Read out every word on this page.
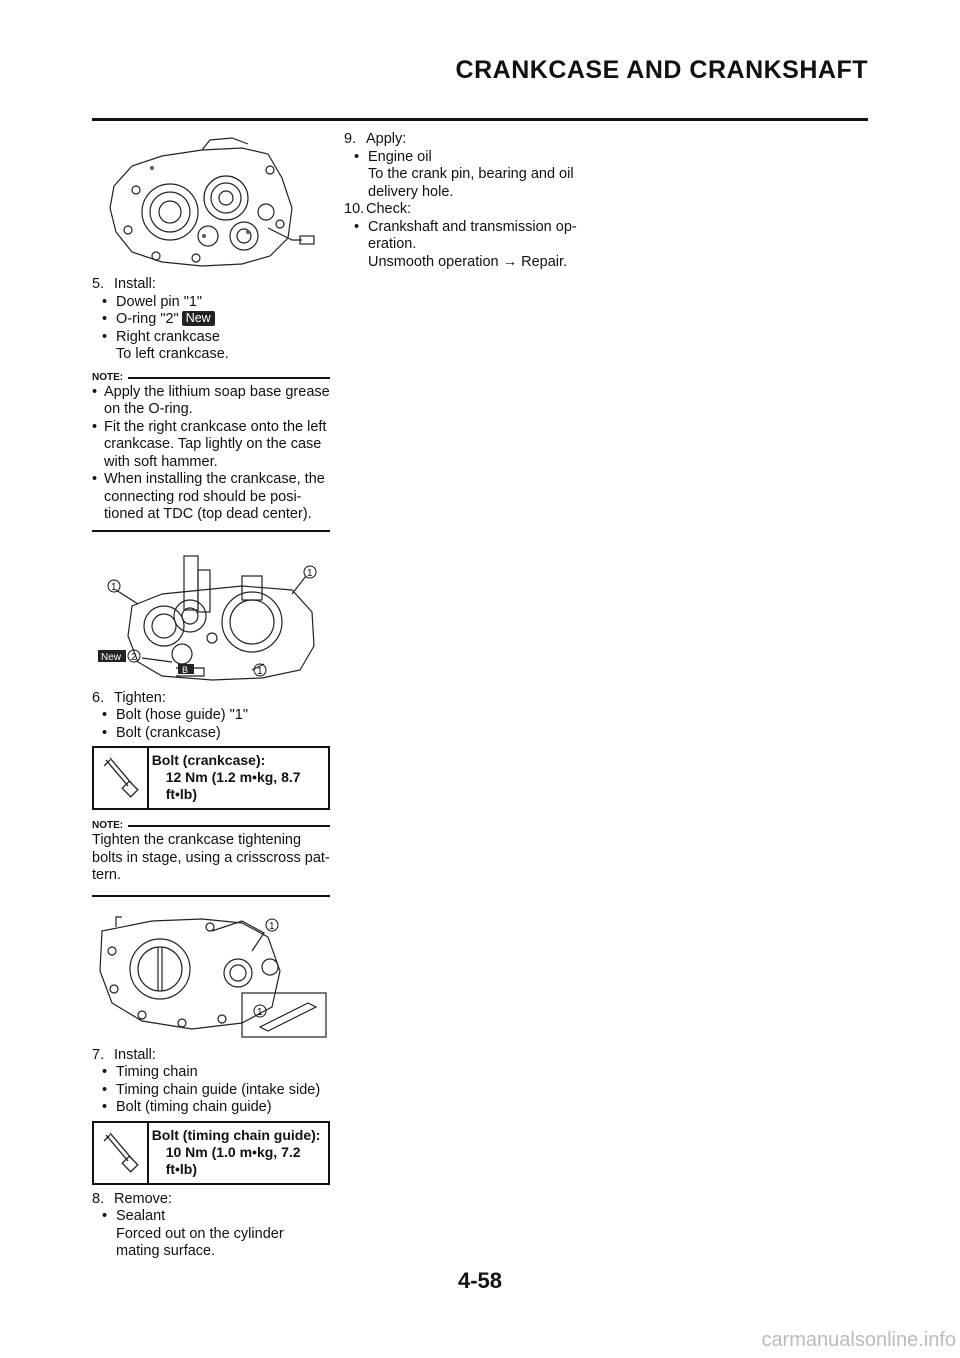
CRANKCASE AND CRANKSHAFT
5. Install:
• Dowel pin "1"
• O-ring "2" New
• Right crankcase
To left crankcase.
NOTE:
• Apply the lithium soap base grease on the O-ring.
• Fit the right crankcase onto the left crankcase. Tap lightly on the case with soft hammer.
• When installing the crankcase, the connecting rod should be posi-tioned at TDC (top dead center).
1
1
2
1
New
B
6. Tighten:
• Bolt (hose guide) "1"
• Bolt (crankcase)
Bolt (crankcase):
12 Nm (1.2 m•kg, 8.7 ft•lb)
NOTE:
Tighten the crankcase tightening bolts in stage, using a crisscross pat-tern.
1
1
7. Install:
• Timing chain
• Timing chain guide (intake side)
• Bolt (timing chain guide)
Bolt (timing chain guide):
10 Nm (1.0 m•kg, 7.2 ft•lb)
8. Remove:
• Sealant
Forced out on the cylinder mating surface.
9. Apply:
• Engine oil
To the crank pin, bearing and oil delivery hole.
10. Check:
• Crankshaft and transmission op-eration.
Unsmooth operation → Repair.
4-58
carmanualsonline.info
